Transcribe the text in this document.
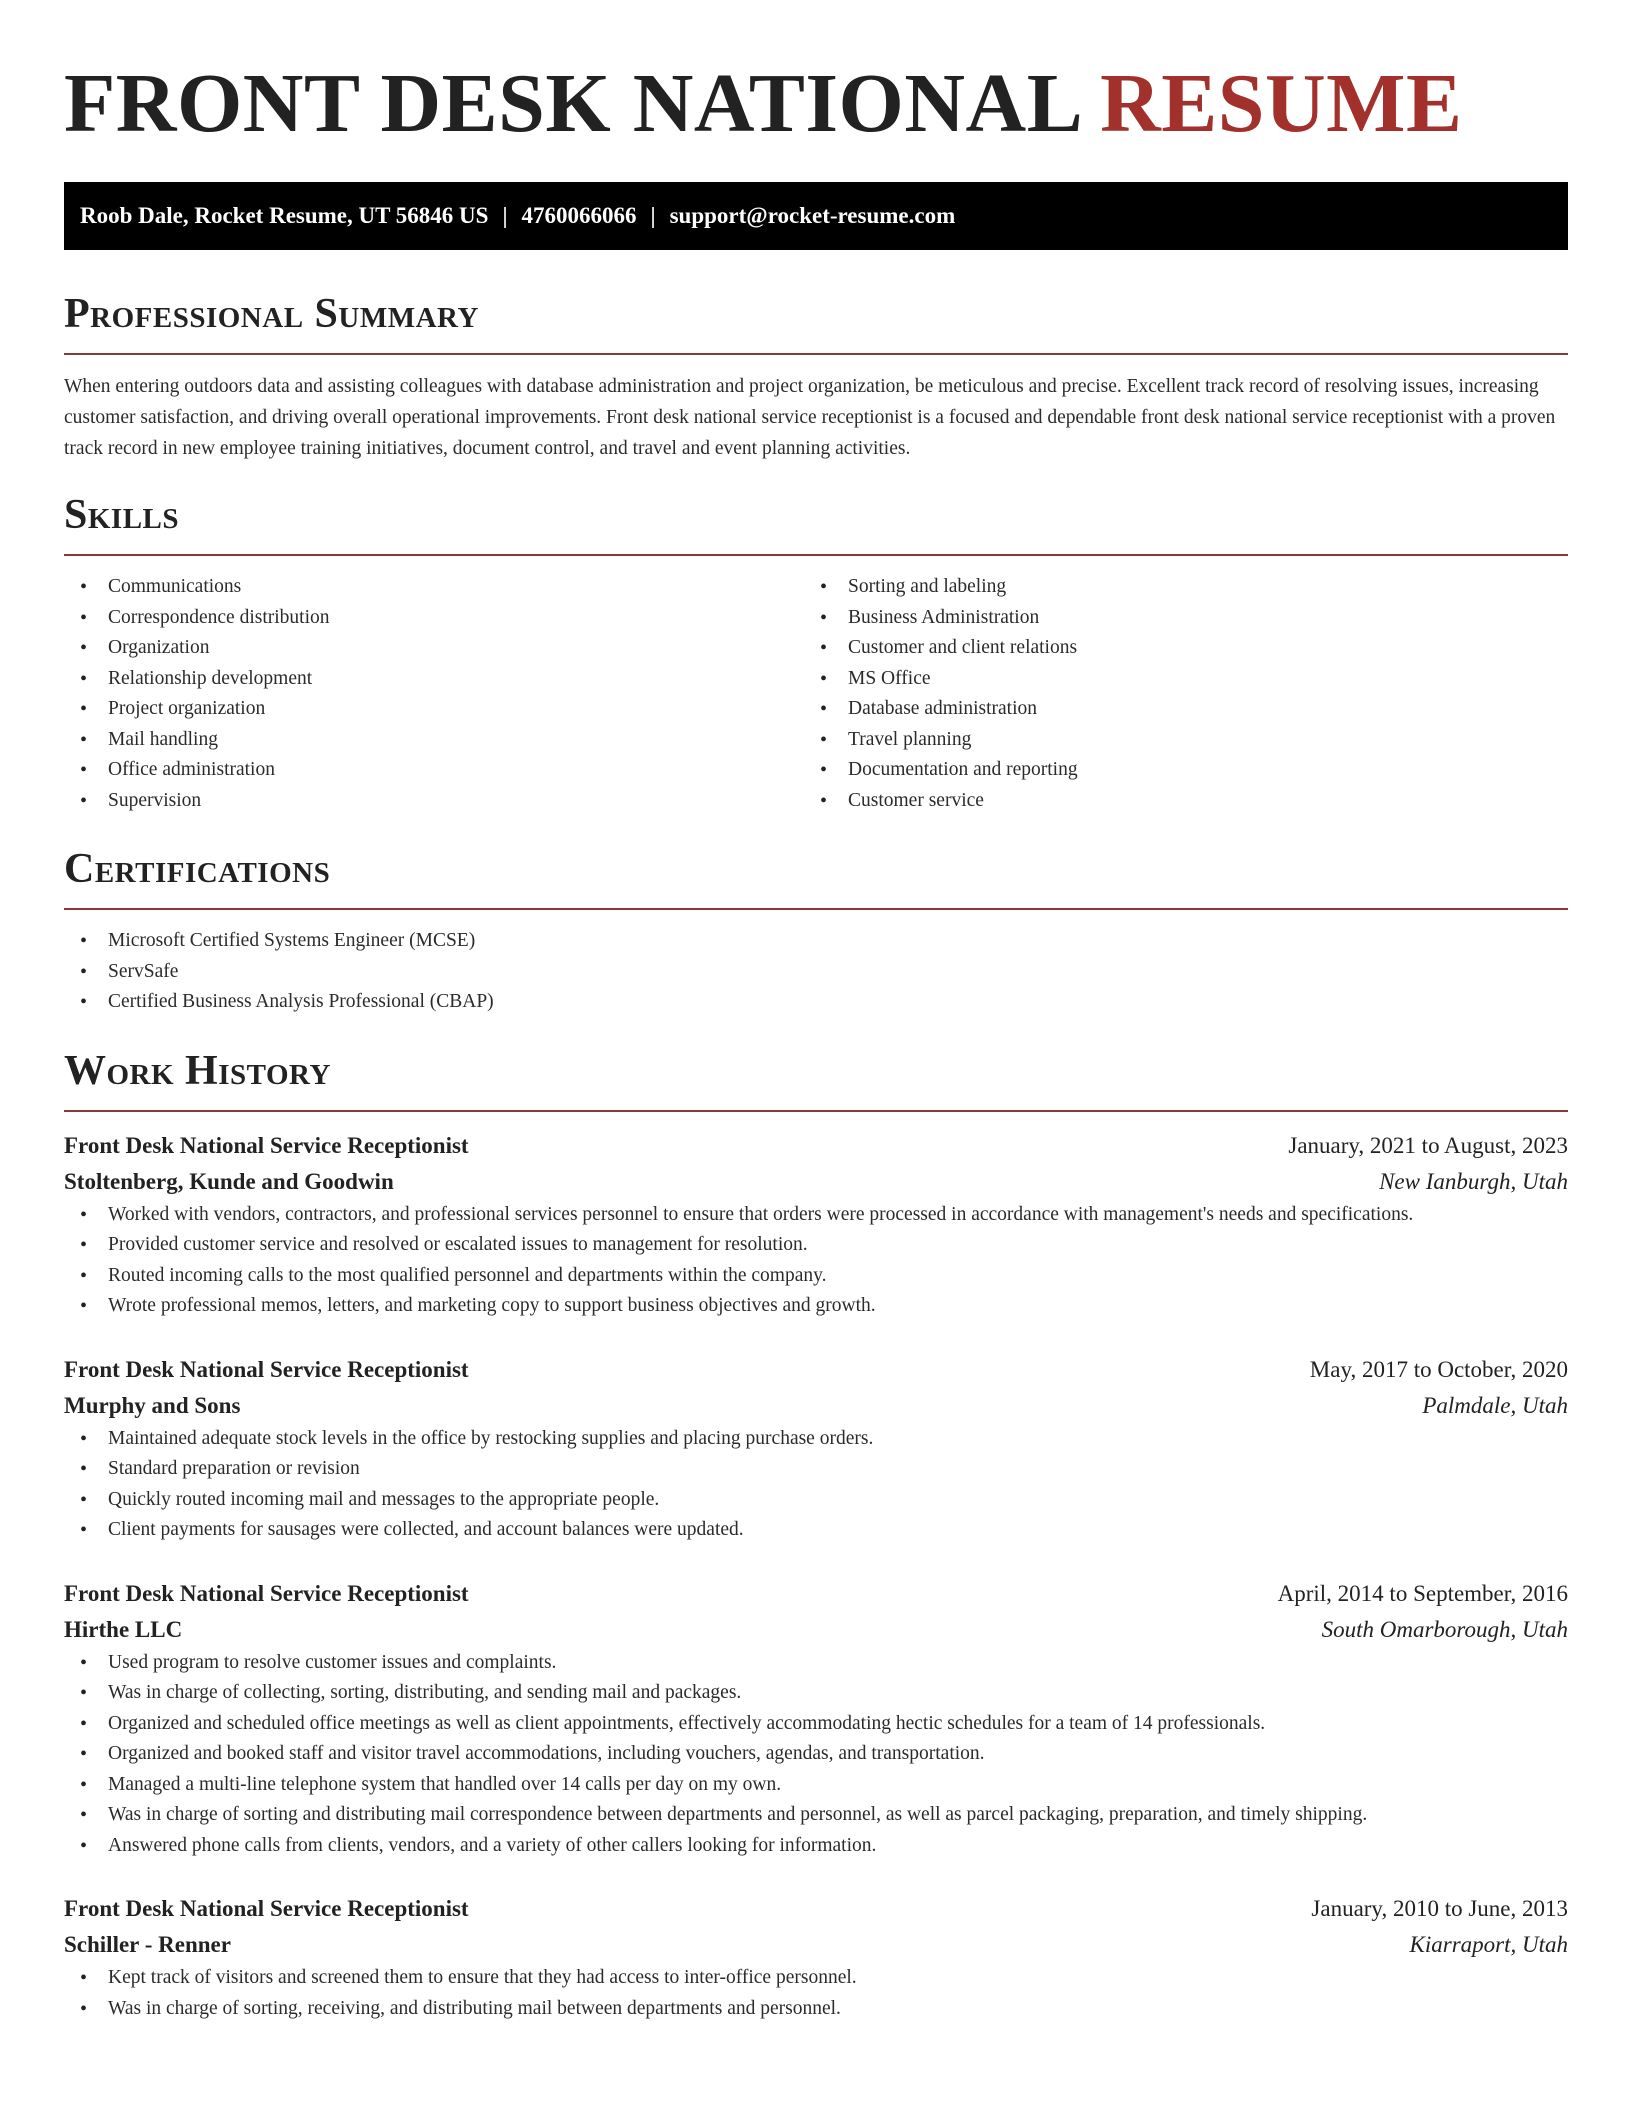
FRONT DESK NATIONAL RESUME
Roob Dale, Rocket Resume, UT 56846 US | 4760066066 | support@rocket-resume.com
Professional Summary

When entering outdoors data and assisting colleagues with database administration and project organization, be meticulous and precise. Excellent track record of resolving issues, increasing customer satisfaction, and driving overall operational improvements. Front desk national service receptionist is a focused and dependable front desk national service receptionist with a proven track record in new employee training initiatives, document control, and travel and event planning activities.

Skills
• Communications
• Correspondence distribution
• Organization
• Relationship development
• Project organization
• Mail handling
• Office administration
• Supervision
• Sorting and labeling
• Business Administration
• Customer and client relations
• MS Office
• Database administration
• Travel planning
• Documentation and reporting
• Customer service
Certifications
• Microsoft Certified Systems Engineer (MCSE)
• ServSafe
• Certified Business Analysis Professional (CBAP)
Work History
Front Desk National Service Receptionist	January, 2021 to August, 2023
Stoltenberg, Kunde and Goodwin	New Ianburgh, Utah
• Worked with vendors, contractors, and professional services personnel to ensure that orders were processed in accordance with management's needs and specifications.
• Provided customer service and resolved or escalated issues to management for resolution.
• Routed incoming calls to the most qualified personnel and departments within the company.
• Wrote professional memos, letters, and marketing copy to support business objectives and growth.
Front Desk National Service Receptionist	May, 2017 to October, 2020
Murphy and Sons	Palmdale, Utah
• Maintained adequate stock levels in the office by restocking supplies and placing purchase orders.
• Standard preparation or revision
• Quickly routed incoming mail and messages to the appropriate people.
• Client payments for sausages were collected, and account balances were updated.
Front Desk National Service Receptionist	April, 2014 to September, 2016
Hirthe LLC	South Omarborough, Utah
• Used program to resolve customer issues and complaints.
• Was in charge of collecting, sorting, distributing, and sending mail and packages.
• Organized and scheduled office meetings as well as client appointments, effectively accommodating hectic schedules for a team of 14 professionals.
• Organized and booked staff and visitor travel accommodations, including vouchers, agendas, and transportation.
• Managed a multi-line telephone system that handled over 14 calls per day on my own.
• Was in charge of sorting and distributing mail correspondence between departments and personnel, as well as parcel packaging, preparation, and timely shipping.
• Answered phone calls from clients, vendors, and a variety of other callers looking for information.
Front Desk National Service Receptionist	January, 2010 to June, 2013
Schiller - Renner	Kiarraport, Utah
• Kept track of visitors and screened them to ensure that they had access to inter-office personnel.
• Was in charge of sorting, receiving, and distributing mail between departments and personnel.
